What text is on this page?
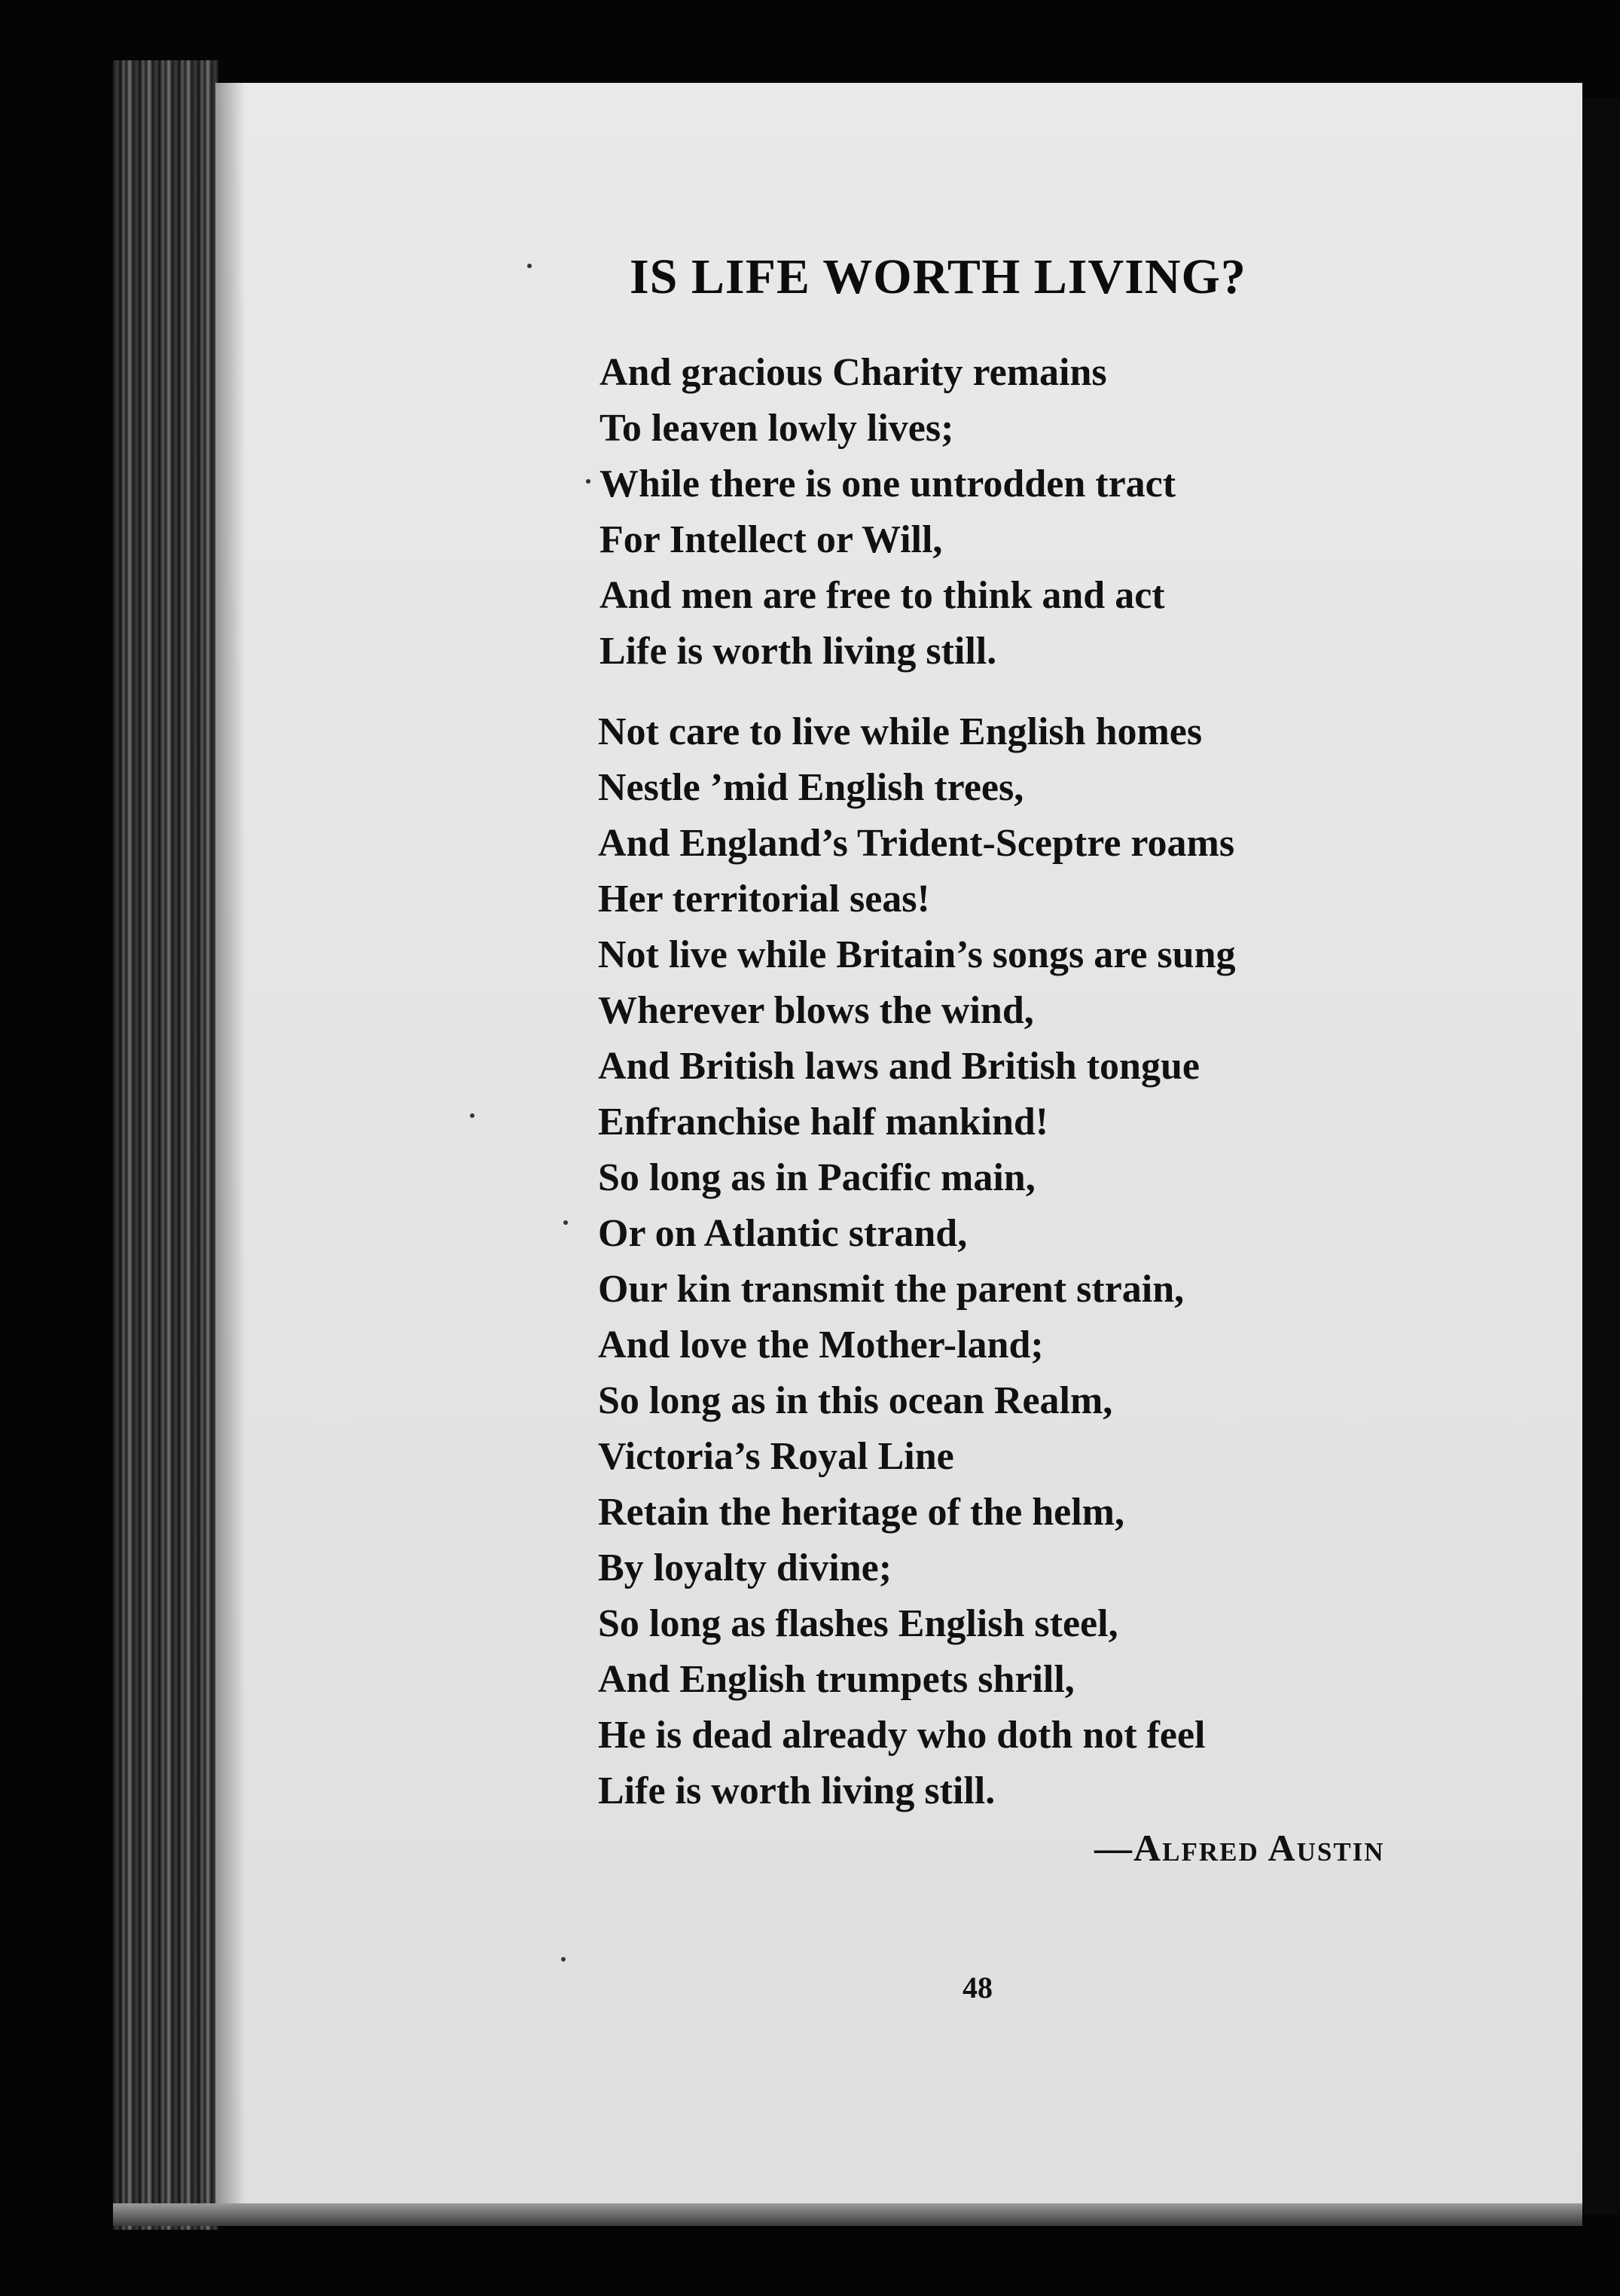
IS LIFE WORTH LIVING?
And gracious Charity remains
To leaven lowly lives;
While there is one untrodden tract
For Intellect or Will,
And men are free to think and act
Life is worth living still.
Not care to live while English homes
Nestle ’mid English trees,
And England’s Trident-Sceptre roams
Her territorial seas!
Not live while Britain’s songs are sung
Wherever blows the wind,
And British laws and British tongue
Enfranchise half mankind!
So long as in Pacific main,
Or on Atlantic strand,
Our kin transmit the parent strain,
And love the Mother-land;
So long as in this ocean Realm,
Victoria’s Royal Line
Retain the heritage of the helm,
By loyalty divine;
So long as flashes English steel,
And English trumpets shrill,
He is dead already who doth not feel
Life is worth living still.
—Alfred Austin
48
